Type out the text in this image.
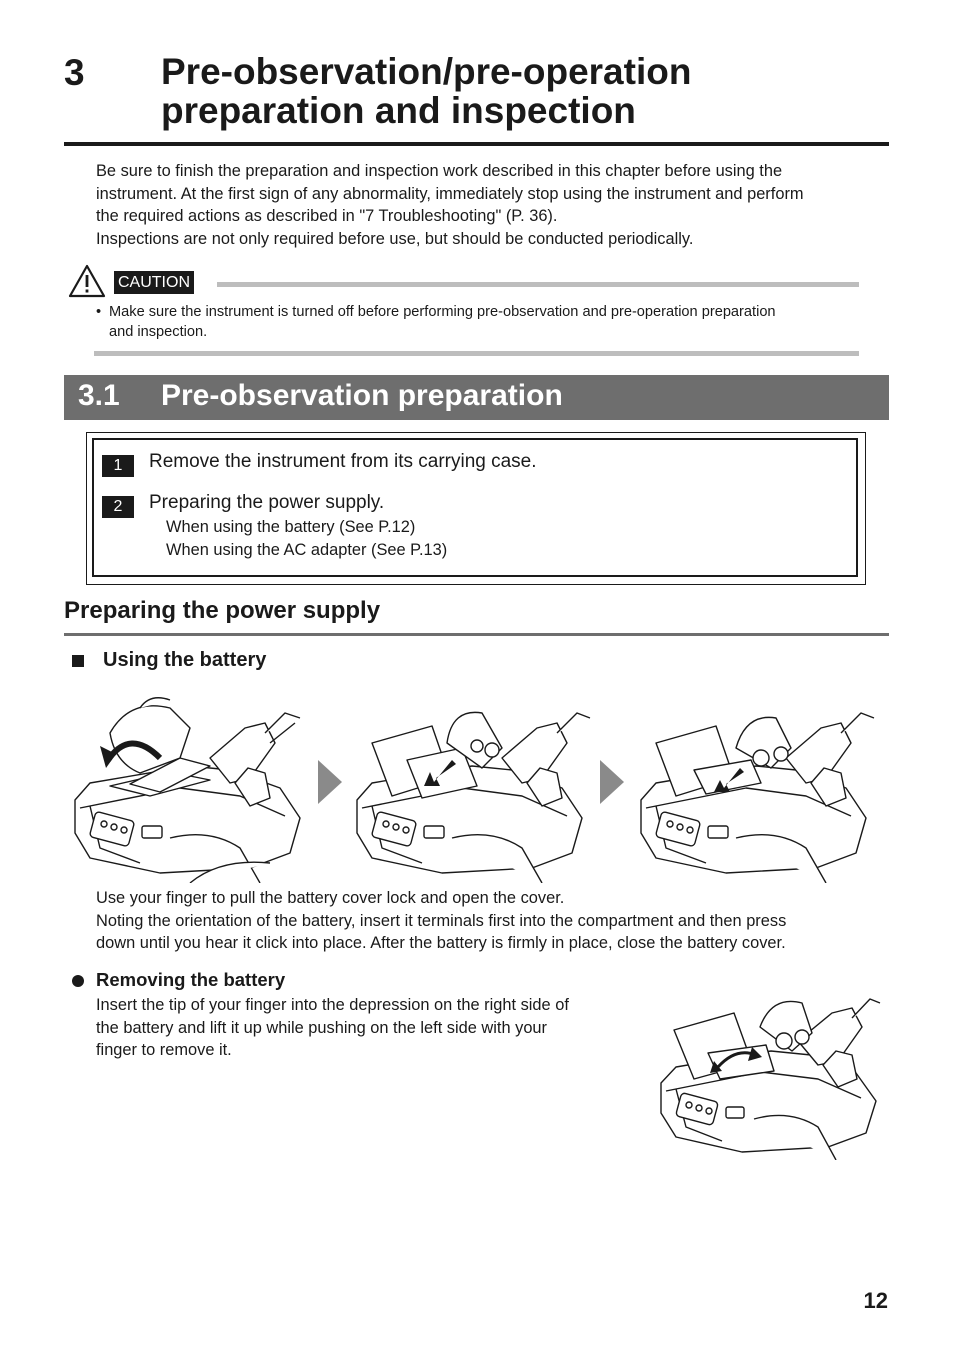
3 Pre-observation/pre-operation
preparation and inspection
Be sure to finish the preparation and inspection work described in this chapter before using the
instrument. At the first sign of any abnormality, immediately stop using the instrument and perform
the required actions as described in "7 Troubleshooting" (P. 36).
Inspections are not only required before use, but should be conducted periodically.
CAUTION
• Make sure the instrument is turned off before performing pre-observation and pre-operation preparation
and inspection.
3.1 Pre-observation preparation
1	Remove the instrument from its carrying case.
2	Preparing the power supply.
When using the battery (See P.12)
When using the AC adapter (See P.13)
Preparing the power supply
Using the battery
Use your finger to pull the battery cover lock and open the cover.
Noting the orientation of the battery, insert it terminals first into the compartment and then press
down until you hear it click into place. After the battery is firmly in place, close the battery cover.
Removing the battery
Insert the tip of your finger into the depression on the right side of
the battery and lift it up while pushing on the left side with your
finger to remove it.
12
